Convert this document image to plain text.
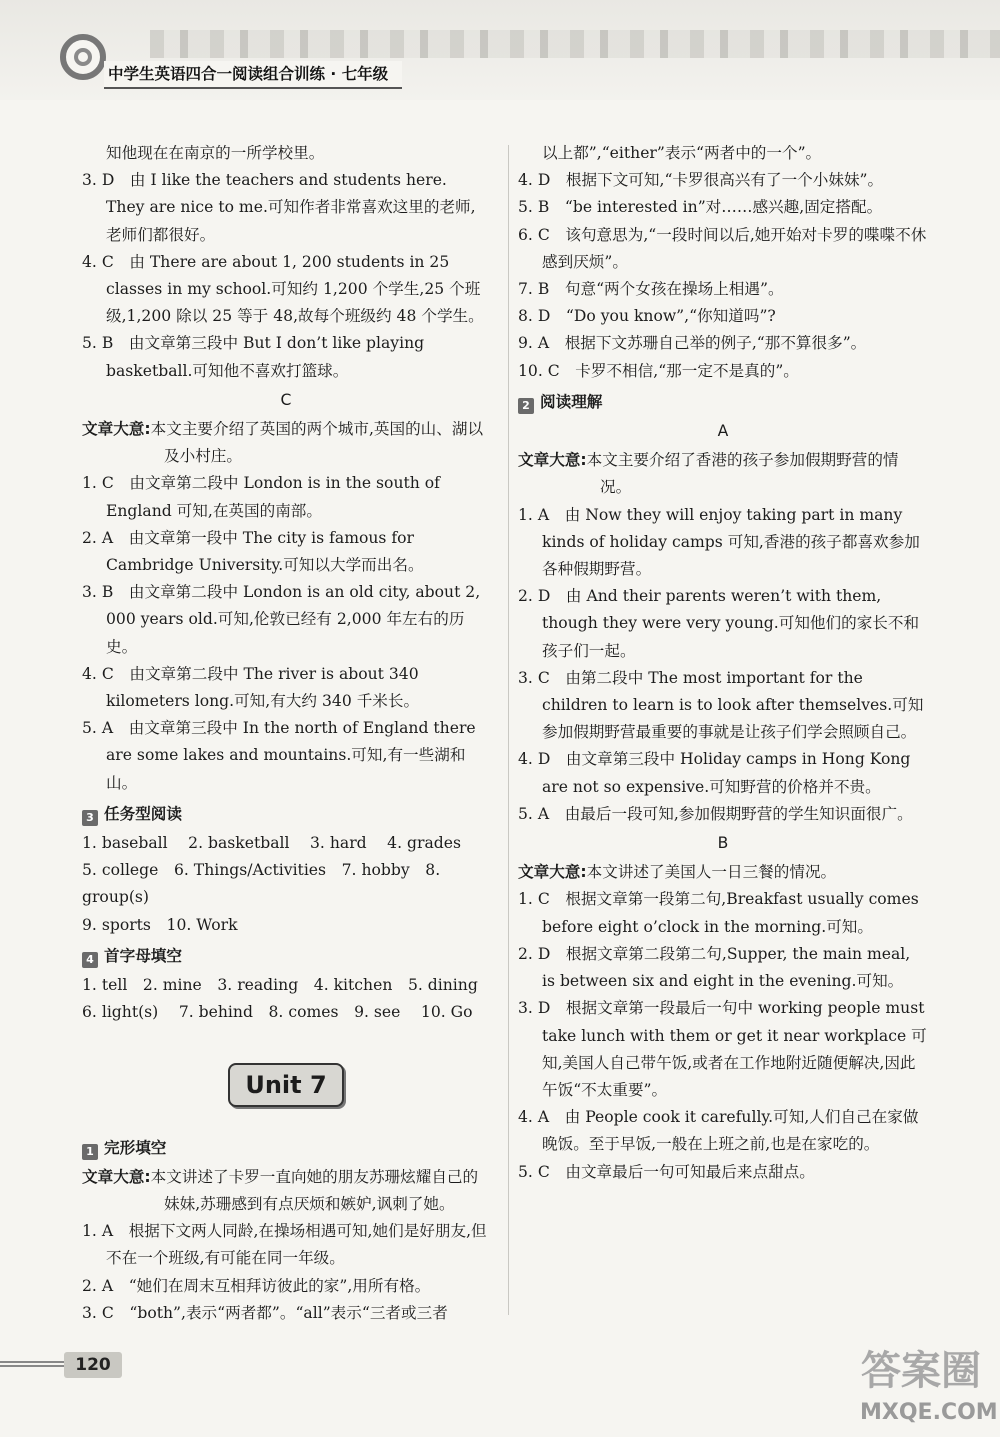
中学生英语四合一阅读组合训练 · 七年级

知他现在在南京的一所学校里。

3. D　由 I like the teachers and students here. They are nice to me.可知作者非常喜欢这里的老师,老师们都很好。

4. C　由 There are about 1, 200 students in 25 classes in my school.可知约 1,200 个学生,25 个班级,1,200 除以 25 等于 48,故每个班级约 48 个学生。

5. B　由文章第三段中 But I don’t like playing basketball.可知他不喜欢打篮球。

C

文章大意:本文主要介绍了英国的两个城市,英国的山、湖以及小村庄。

1. C　由文章第二段中 London is in the south of England 可知,在英国的南部。

2. A　由文章第一段中 The city is famous for Cambridge University.可知以大学而出名。

3. B　由文章第二段中 London is an old city, about 2, 000 years old.可知,伦敦已经有 2,000 年左右的历史。

4. C　由文章第二段中 The river is about 340 kilometers long.可知,有大约 340 千米长。

5. A　由文章第三段中 In the north of England there are some lakes and mountains.可知,有一些湖和山。

3 任务型阅读

1. baseball　 2. basketball　 3. hard　 4. grades

5. college　6. Things/Activities　7. hobby　8. group(s)

9. sports　10. Work

4 首字母填空

1. tell　2. mine　3. reading　4. kitchen　5. dining

6. light(s)　 7. behind　8. comes　9. see　 10. Go

Unit 7
1 完形填空

文章大意:本文讲述了卡罗一直向她的朋友苏珊炫耀自己的妹妹,苏珊感到有点厌烦和嫉妒,讽刺了她。

1. A　根据下文两人同龄,在操场相遇可知,她们是好朋友,但不在一个班级,有可能在同一年级。

2. A　“她们在周末互相拜访彼此的家”,用所有格。

3. C　“both”,表示“两者都”。“all”表示“三者或三者

以上都”,“either”表示“两者中的一个”。

4. D　根据下文可知,“卡罗很高兴有了一个小妹妹”。

5. B　“be interested in”对……感兴趣,固定搭配。

6. C　该句意思为,“一段时间以后,她开始对卡罗的喋喋不休感到厌烦”。

7. B　句意“两个女孩在操场上相遇”。

8. D　“Do you know”,“你知道吗”?

9. A　根据下文苏珊自己举的例子,“那不算很多”。

10. C　卡罗不相信,“那一定不是真的”。

2 阅读理解

A

文章大意:本文主要介绍了香港的孩子参加假期野营的情况。

1. A　由 Now they will enjoy taking part in many kinds of holiday camps 可知,香港的孩子都喜欢参加各种假期野营。

2. D　由 And their parents weren’t with them, though they were very young.可知他们的家长不和孩子们一起。

3. C　由第二段中 The most important for the children to learn is to look after themselves.可知参加假期野营最重要的事就是让孩子们学会照顾自己。

4. D　由文章第三段中 Holiday camps in Hong Kong are not so expensive.可知野营的价格并不贵。

5. A　由最后一段可知,参加假期野营的学生知识面很广。

B

文章大意:本文讲述了美国人一日三餐的情况。

1. C　根据文章第一段第二句,Breakfast usually comes before eight o’clock in the morning.可知。

2. D　根据文章第二段第二句,Supper, the main meal, is between six and eight in the evening.可知。

3. D　根据文章第一段最后一句中 working people must take lunch with them or get it near workplace 可知,美国人自己带午饭,或者在工作地附近随便解决,因此午饭“不太重要”。

4. A　由 People cook it carefully.可知,人们自己在家做晚饭。至于早饭,一般在上班之前,也是在家吃的。

5. C　由文章最后一句可知最后来点甜点。

120	答案圈
MXQE.COM
